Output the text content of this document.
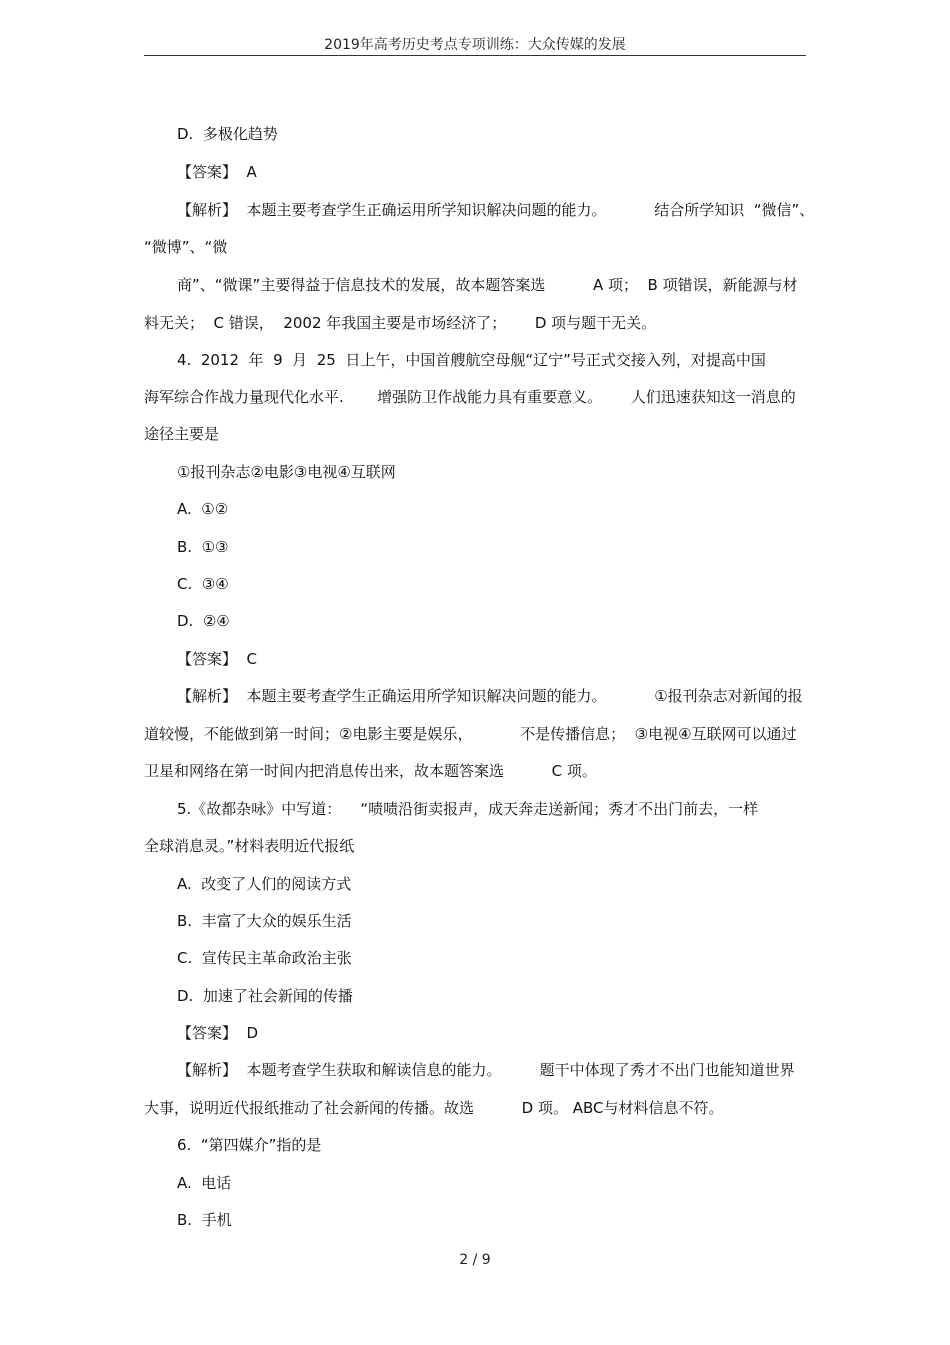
2019年高考历史考点专项训练：大众传媒的发展
D.  多极化趋势
【答案】  A
【解析】  本题主要考查学生正确运用所学知识解决问题的能力。          结合所学知识  “微信”、
“微博”、“微
商”、“微课”主要得益于信息技术的发展，故本题答案选          A 项；  B 项错误，新能源与材
料无关；  C 错误，  2002 年我国主要是市场经济了；      D 项与题干无关。
4.  2012  年  9  月  25  日上午，中国首艘航空母舰“辽宁”号正式交接入列，对提高中国
海军综合作战力量现代化水平.       增强防卫作战能力具有重要意义。      人们迅速获知这一消息的
途径主要是
①报刊杂志②电影③电视④互联网
A.  ①②
B.  ①③
C.  ③④
D.  ②④
【答案】  C
【解析】  本题主要考查学生正确运用所学知识解决问题的能力。          ①报刊杂志对新闻的报
道较慢，不能做到第一时间；②电影主要是娱乐，          不是传播信息；  ③电视④互联网可以通过
卫星和网络在第一时间内把消息传出来，故本题答案选          C 项。
5.《故都杂咏》中写道：    “啧啧沿街卖报声，成天奔走送新闻；秀才不出门前去，一样
全球消息灵。”材料表明近代报纸
A.  改变了人们的阅读方式
B.  丰富了大众的娱乐生活
C.  宣传民主革命政治主张
D.  加速了社会新闻的传播
【答案】  D
【解析】  本题考查学生获取和解读信息的能力。        题干中体现了秀才不出门也能知道世界
大事，说明近代报纸推动了社会新闻的传播。故选          D 项。 ABC与材料信息不符。
6.  “第四媒介”指的是
A.  电话
B.  手机
2 / 9
